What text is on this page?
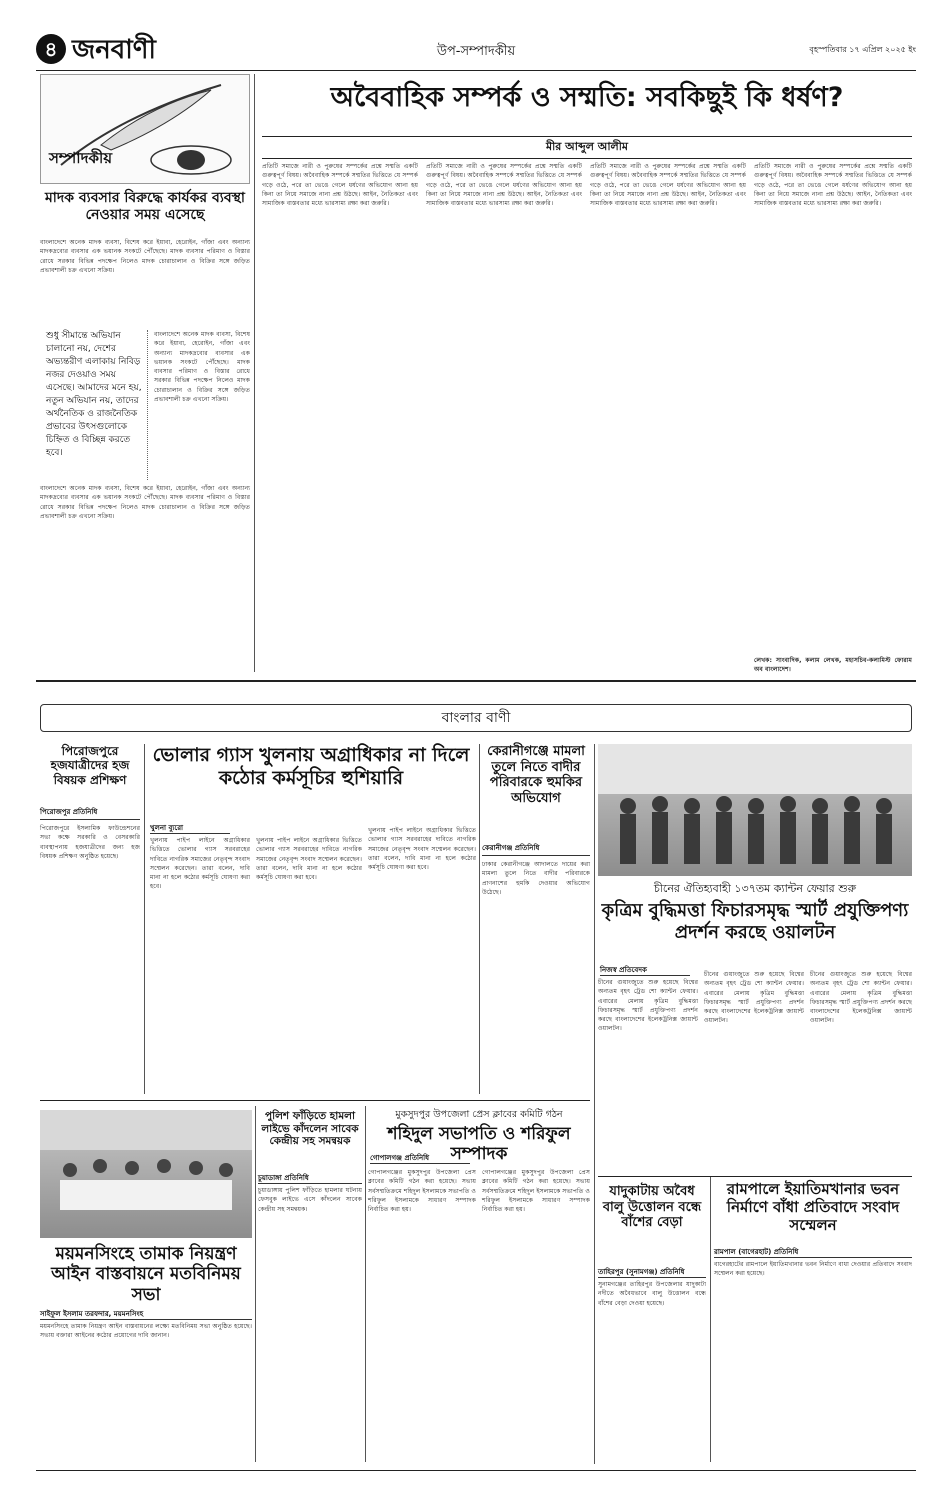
৪ জনবাণী	উপ-সম্পাদকীয়	বৃহস্পতিবার ১৭ এপ্রিল ২০২৫ ইং
সম্পাদকীয়
মাদক ব্যবসার বিরুদ্ধে কার্যকর ব্যবস্থা নেওয়ার সময় এসেছে
বাংলাদেশে অনেক মাদক ব্যবসা, বিশেষ করে ইয়াবা, হেরোইন, গাঁজা এবং অন্যান্য মাদকদ্রব্যের ব্যবসার এক ভয়ানক সংকটে পৌঁছেছে। মাদক ব্যবসার পরিমাণ ও বিস্তার রোধে সরকার বিভিন্ন পদক্ষেপ নিলেও মাদক চোরাচালান ও বিক্রির সঙ্গে জড়িত প্রভাবশালী চক্র এখনো সক্রিয়।
শুধু সীমান্তে অভিযান চালানো নয়, দেশের অভ্যন্তরীণ এলাকায় নিবিড় নজর দেওয়াও সময় এসেছে। আমাদের মনে হয়, নতুন অভিযান নয়, তাদের অর্থনৈতিক ও রাজনৈতিক প্রভাবের উৎসগুলোকে চিহ্নিত ও বিচ্ছিন্ন করতে হবে।
বাংলাদেশে অনেক মাদক ব্যবসা, বিশেষ করে ইয়াবা, হেরোইন, গাঁজা এবং অন্যান্য মাদকদ্রব্যের ব্যবসার এক ভয়ানক সংকটে পৌঁছেছে। মাদক ব্যবসার পরিমাণ ও বিস্তার রোধে সরকার বিভিন্ন পদক্ষেপ নিলেও মাদক চোরাচালান ও বিক্রির সঙ্গে জড়িত প্রভাবশালী চক্র এখনো সক্রিয়।
বাংলাদেশে অনেক মাদক ব্যবসা, বিশেষ করে ইয়াবা, হেরোইন, গাঁজা এবং অন্যান্য মাদকদ্রব্যের ব্যবসার এক ভয়ানক সংকটে পৌঁছেছে। মাদক ব্যবসার পরিমাণ ও বিস্তার রোধে সরকার বিভিন্ন পদক্ষেপ নিলেও মাদক চোরাচালান ও বিক্রির সঙ্গে জড়িত প্রভাবশালী চক্র এখনো সক্রিয়।
অবৈবাহিক সম্পর্ক ও সম্মতি: সবকিছুই কি ধর্ষণ?
মীর আব্দুল আলীম
প্রতিটি সমাজে নারী ও পুরুষের সম্পর্কের প্রশ্নে সম্মতি একটি গুরুত্বপূর্ণ বিষয়। অবৈবাহিক সম্পর্কে সম্মতির ভিত্তিতে যে সম্পর্ক গড়ে ওঠে, পরে তা ভেঙে গেলে ধর্ষণের অভিযোগ আনা হয় কিনা তা নিয়ে সমাজে নানা প্রশ্ন উঠছে। আইন, নৈতিকতা এবং সামাজিক বাস্তবতার মধ্যে ভারসাম্য রক্ষা করা জরুরি।
প্রতিটি সমাজে নারী ও পুরুষের সম্পর্কের প্রশ্নে সম্মতি একটি গুরুত্বপূর্ণ বিষয়। অবৈবাহিক সম্পর্কে সম্মতির ভিত্তিতে যে সম্পর্ক গড়ে ওঠে, পরে তা ভেঙে গেলে ধর্ষণের অভিযোগ আনা হয় কিনা তা নিয়ে সমাজে নানা প্রশ্ন উঠছে। আইন, নৈতিকতা এবং সামাজিক বাস্তবতার মধ্যে ভারসাম্য রক্ষা করা জরুরি।
প্রতিটি সমাজে নারী ও পুরুষের সম্পর্কের প্রশ্নে সম্মতি একটি গুরুত্বপূর্ণ বিষয়। অবৈবাহিক সম্পর্কে সম্মতির ভিত্তিতে যে সম্পর্ক গড়ে ওঠে, পরে তা ভেঙে গেলে ধর্ষণের অভিযোগ আনা হয় কিনা তা নিয়ে সমাজে নানা প্রশ্ন উঠছে। আইন, নৈতিকতা এবং সামাজিক বাস্তবতার মধ্যে ভারসাম্য রক্ষা করা জরুরি।
প্রতিটি সমাজে নারী ও পুরুষের সম্পর্কের প্রশ্নে সম্মতি একটি গুরুত্বপূর্ণ বিষয়। অবৈবাহিক সম্পর্কে সম্মতির ভিত্তিতে যে সম্পর্ক গড়ে ওঠে, পরে তা ভেঙে গেলে ধর্ষণের অভিযোগ আনা হয় কিনা তা নিয়ে সমাজে নানা প্রশ্ন উঠছে। আইন, নৈতিকতা এবং সামাজিক বাস্তবতার মধ্যে ভারসাম্য রক্ষা করা জরুরি।
লেখক: সাংবাদিক, কলাম লেখক, মহাসচিব-কলামিস্ট ফোরাম অব বাংলাদেশ।
বাংলার বাণী
পিরোজপুরে হজযাত্রীদের হজ বিষয়ক প্রশিক্ষণ
পিরোজপুর প্রতিনিধি
পিরোজপুরে ইসলামিক ফাউন্ডেশনের সভা কক্ষে সরকারি ও বেসরকারি ব্যবস্থাপনায় হজযাত্রীদের জন্য হজ বিষয়ক প্রশিক্ষণ অনুষ্ঠিত হয়েছে।
ভোলার গ্যাস খুলনায় অগ্রাধিকার না দিলে কঠোর কর্মসূচির হুশিয়ারি
খুলনা ব্যুরো
খুলনায় পাইপ লাইনে অগ্রাধিকার ভিত্তিতে ভোলার গ্যাস সরবরাহের দাবিতে নাগরিক সমাজের নেতৃবৃন্দ সংবাদ সম্মেলন করেছেন। তারা বলেন, দাবি মানা না হলে কঠোর কর্মসূচি ঘোষণা করা হবে।
খুলনায় পাইপ লাইনে অগ্রাধিকার ভিত্তিতে ভোলার গ্যাস সরবরাহের দাবিতে নাগরিক সমাজের নেতৃবৃন্দ সংবাদ সম্মেলন করেছেন। তারা বলেন, দাবি মানা না হলে কঠোর কর্মসূচি ঘোষণা করা হবে।
খুলনায় পাইপ লাইনে অগ্রাধিকার ভিত্তিতে ভোলার গ্যাস সরবরাহের দাবিতে নাগরিক সমাজের নেতৃবৃন্দ সংবাদ সম্মেলন করেছেন। তারা বলেন, দাবি মানা না হলে কঠোর কর্মসূচি ঘোষণা করা হবে।
কেরানীগঞ্জে মামলা তুলে নিতে বাদীর পরিবারকে হুমকির অভিযোগ
কেরানীগঞ্জ প্রতিনিধি
ঢাকার কেরানীগঞ্জে আদালতে দায়ের করা মামলা তুলে নিতে বাদীর পরিবারকে প্রাণনাশের হুমকি দেওয়ার অভিযোগ উঠেছে।	চীনের ঐতিহ্যবাহী ১৩৭তম ক্যান্টন ফেয়ার শুরু
কৃত্রিম বুদ্ধিমত্তা ফিচারসমৃদ্ধ স্মার্ট প্রযুক্তিপণ্য প্রদর্শন করছে ওয়ালটন
নিজস্ব প্রতিবেদক
চীনের গুয়াংজুতে শুরু হয়েছে বিশ্বের অন্যতম বৃহৎ ট্রেড শো ক্যান্টন ফেয়ার। এবারের মেলায় কৃত্রিম বুদ্ধিমত্তা ফিচারসমৃদ্ধ স্মার্ট প্রযুক্তিপণ্য প্রদর্শন করছে বাংলাদেশের ইলেকট্রনিক্স জায়ান্ট ওয়ালটন।
চীনের গুয়াংজুতে শুরু হয়েছে বিশ্বের অন্যতম বৃহৎ ট্রেড শো ক্যান্টন ফেয়ার। এবারের মেলায় কৃত্রিম বুদ্ধিমত্তা ফিচারসমৃদ্ধ স্মার্ট প্রযুক্তিপণ্য প্রদর্শন করছে বাংলাদেশের ইলেকট্রনিক্স জায়ান্ট ওয়ালটন।
চীনের গুয়াংজুতে শুরু হয়েছে বিশ্বের অন্যতম বৃহৎ ট্রেড শো ক্যান্টন ফেয়ার। এবারের মেলায় কৃত্রিম বুদ্ধিমত্তা ফিচারসমৃদ্ধ স্মার্ট প্রযুক্তিপণ্য প্রদর্শন করছে বাংলাদেশের ইলেকট্রনিক্স জায়ান্ট ওয়ালটন।
ময়মনসিংহে তামাক নিয়ন্ত্রণ আইন বাস্তবায়নে মতবিনিময় সভা
সাইফুল ইসলাম তরফদার, ময়মনসিংহ
ময়মনসিংহে তামাক নিয়ন্ত্রণ আইন বাস্তবায়নের লক্ষ্যে মতবিনিময় সভা অনুষ্ঠিত হয়েছে। সভায় বক্তারা আইনের কঠোর প্রয়োগের দাবি জানান।
পুলিশ ফাঁড়িতে হামলা লাইভে কাঁদলেন সাবেক কেন্দ্রীয় সহ সমন্বয়ক
চুয়াডাঙ্গা প্রতিনিধি
চুয়াডাঙ্গায় পুলিশ ফাঁড়িতে হামলার ঘটনায় ফেসবুক লাইভে এসে কাঁদলেন সাবেক কেন্দ্রীয় সহ সমন্বয়ক।
মুকসুদপুর উপজেলা প্রেস ক্লাবের কমিটি গঠন
শহিদুল সভাপতি ও শরিফুল সম্পাদক
গোপালগঞ্জ প্রতিনিধি
গোপালগঞ্জের মুকসুদপুর উপজেলা প্রেস ক্লাবের কমিটি গঠন করা হয়েছে। সভায় সর্বসম্মতিক্রমে শহিদুল ইসলামকে সভাপতি ও শরিফুল ইসলামকে সাধারণ সম্পাদক নির্বাচিত করা হয়।
গোপালগঞ্জের মুকসুদপুর উপজেলা প্রেস ক্লাবের কমিটি গঠন করা হয়েছে। সভায় সর্বসম্মতিক্রমে শহিদুল ইসলামকে সভাপতি ও শরিফুল ইসলামকে সাধারণ সম্পাদক নির্বাচিত করা হয়।
যাদুকাটায় অবৈধ বালু উত্তোলন বন্ধে বাঁশের বেড়া
তাহিরপুর (সুনামগঞ্জ) প্রতিনিধি
সুনামগঞ্জের তাহিরপুর উপজেলার যাদুকাটা নদীতে অবৈধভাবে বালু উত্তোলন বন্ধে বাঁশের বেড়া দেওয়া হয়েছে।
রামপালে ইয়াতিমখানার ভবন নির্মাণে বাঁধা প্রতিবাদে সংবাদ সম্মেলন
রামপাল (বাগেরহাট) প্রতিনিধি
বাগেরহাটের রামপালে ইয়াতিমখানার ভবন নির্মাণে বাধা দেওয়ার প্রতিবাদে সংবাদ সম্মেলন করা হয়েছে।
